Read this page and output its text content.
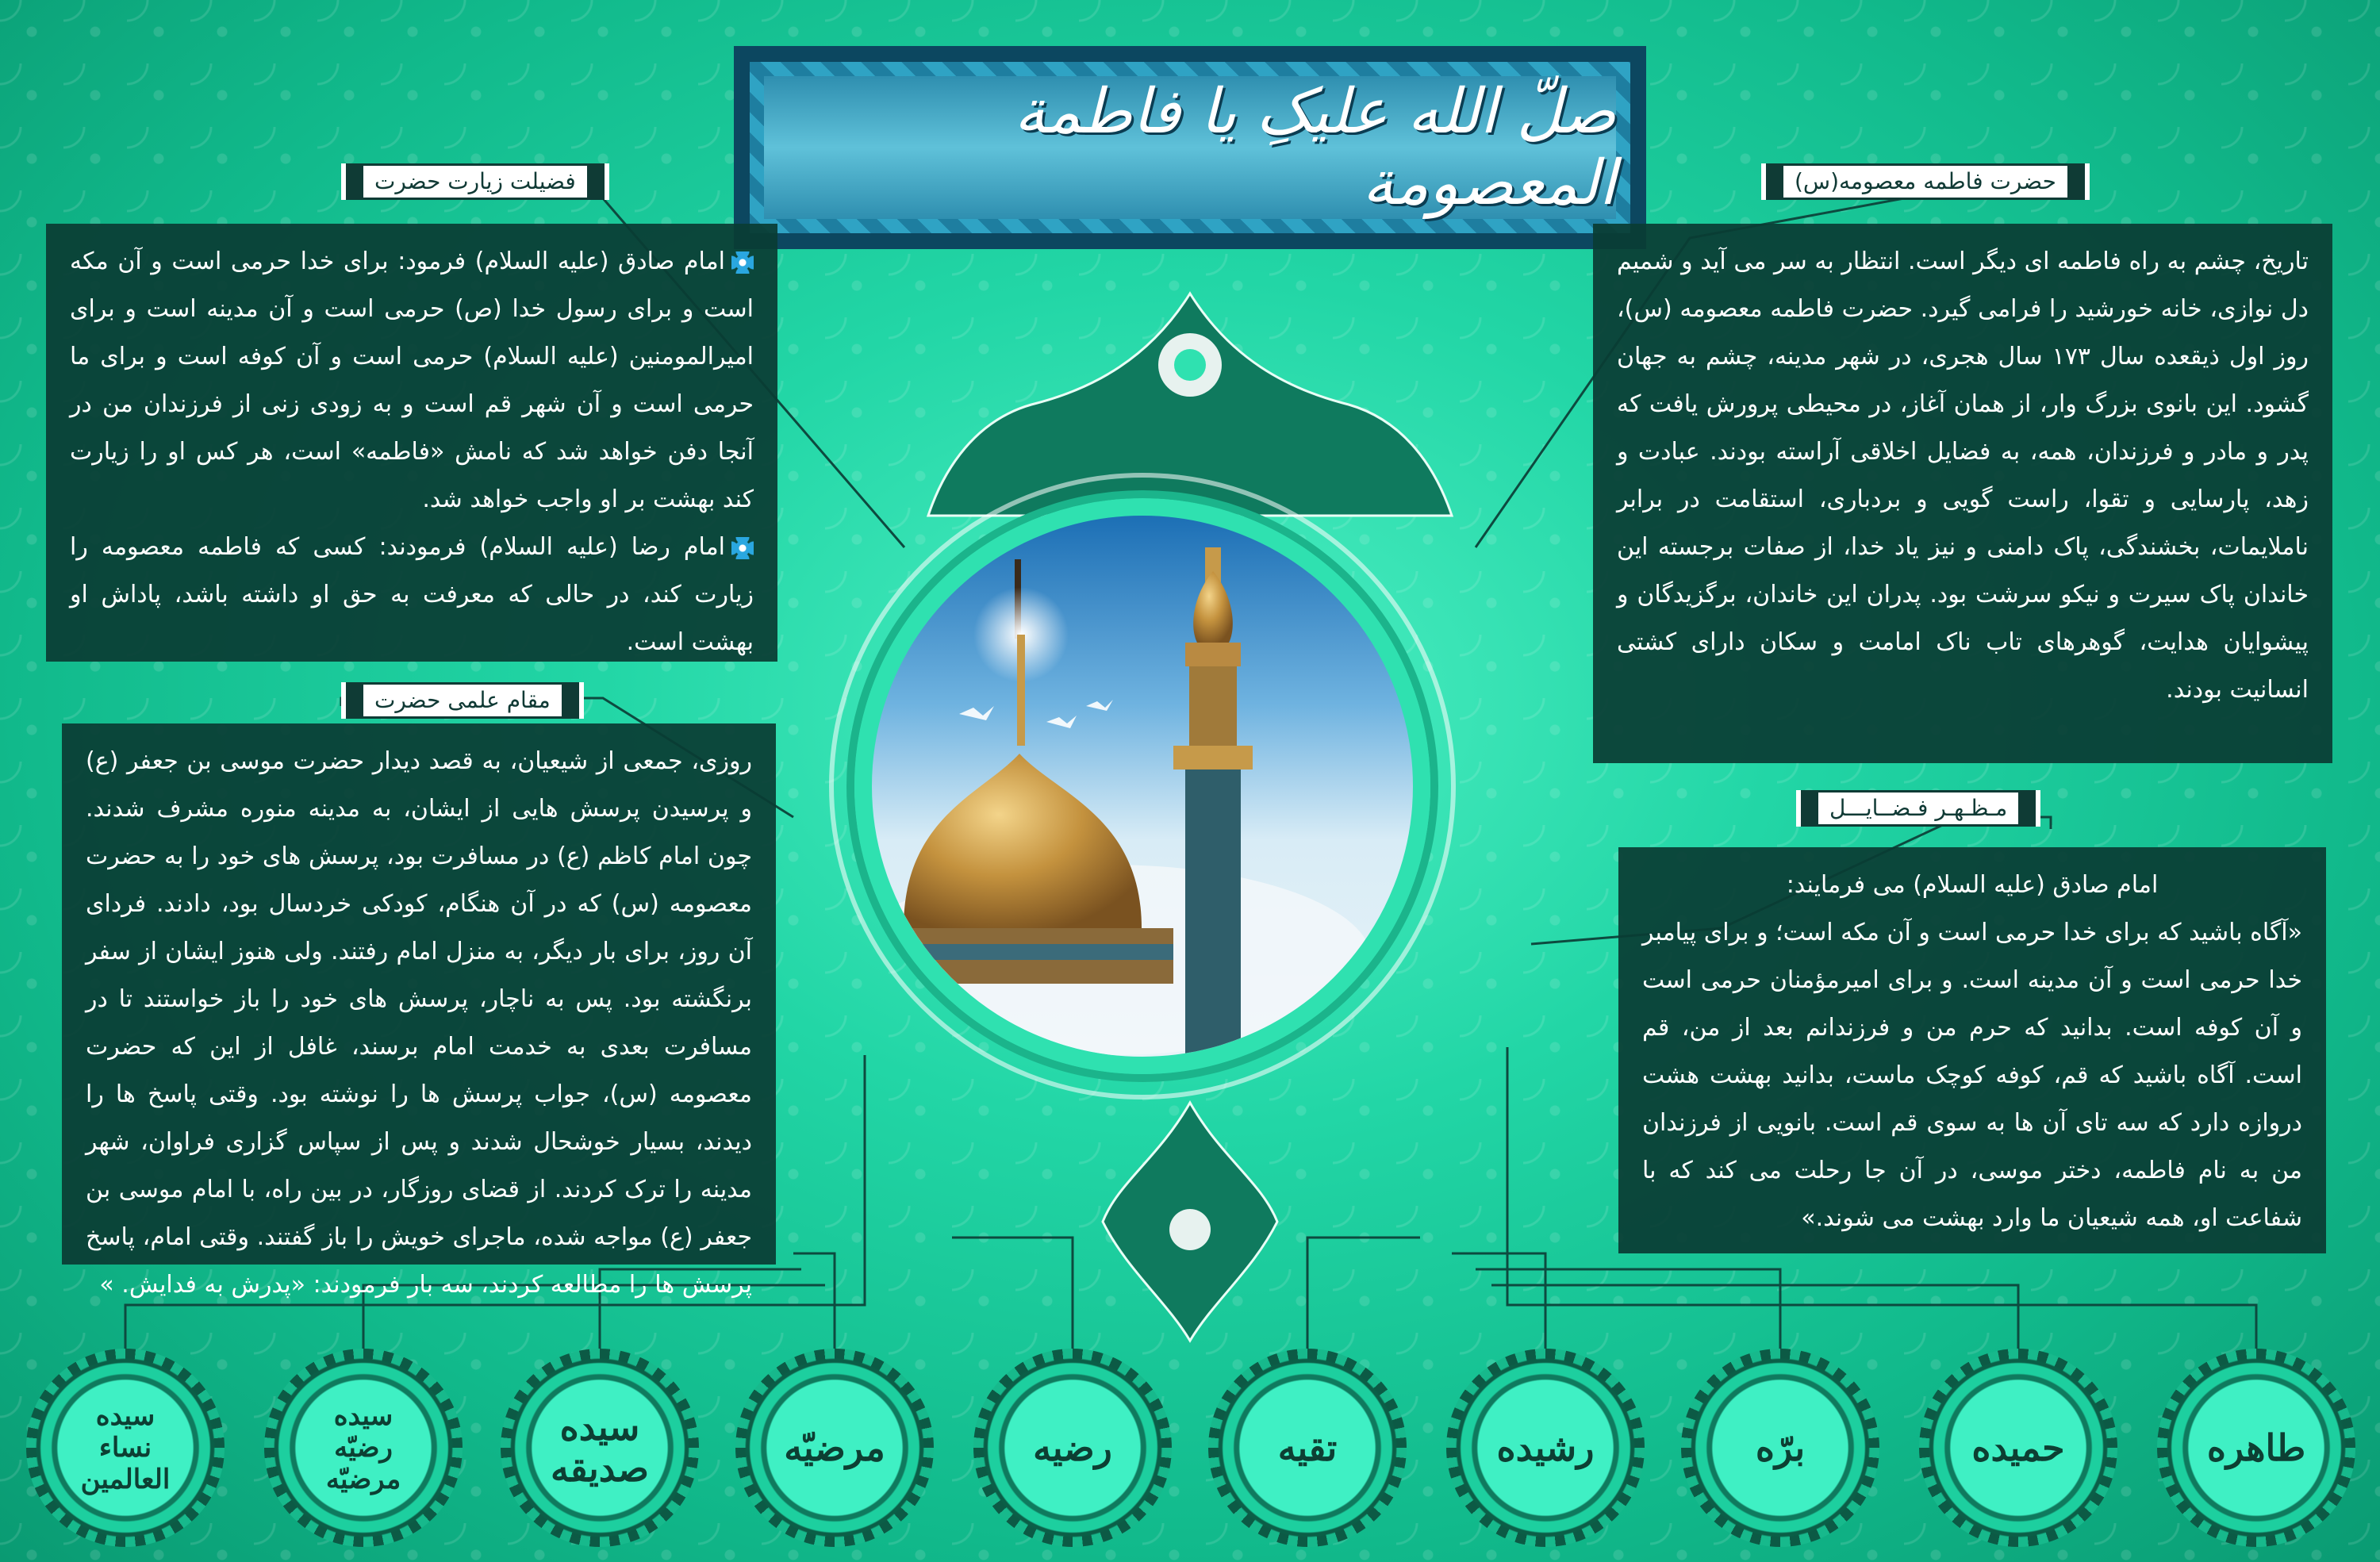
صلّ الله علیکِ یا فاطمة المعصومة
فضیلت زیارت حضرت	حضرت فاطمه معصومه(س)
مقام علمی حضرت
مـظـهـر فـضــایـــل

امام صادق (علیه السلام) فرمود: برای خدا حرمی است و آن مکه است و برای رسول خدا (ص) حرمی است و آن مدینه است و برای امیرالمومنین (علیه السلام) حرمی است و آن کوفه است و برای ما حرمی است و آن شهر قم است و به زودی زنی از فرزندان من در آنجا دفن خواهد شد که نامش «فاطمه» است، هر کس او را زیارت کند بهشت بر او واجب خواهد شد.

امام رضا (علیه السلام) فرمودند: کسی که فاطمه معصومه را زیارت کند، در حالی که معرفت به حق او داشته باشد، پاداش او بهشت است.

تاریخ، چشم به راه فاطمه ای دیگر است. انتظار به سر می آید و شمیم دل نوازی، خانه خورشید را فرامی گیرد. حضرت فاطمه معصومه (س)، روز اول ذیقعده سال ۱۷۳ سال هجری، در شهر مدینه، چشم به جهان گشود. این بانوی بزرگ وار، از همان آغاز، در محیطی پرورش یافت که پدر و مادر و فرزندان، همه، به فضایل اخلاقی آراسته بودند. عبادت و زهد، پارسایی و تقوا، راست گویی و بردباری، استقامت در برابر ناملایمات، بخشندگی، پاک دامنی و نیز یاد خدا، از صفات برجسته این خاندان پاک سیرت و نیکو سرشت بود. پدران این خاندان، برگزیدگان و پیشوایان هدایت، گوهرهای تاب ناک امامت و سکان دارای کشتی انسانیت بودند.

روزی، جمعی از شیعیان، به قصد دیدار حضرت موسی بن جعفر (ع) و پرسیدن پرسش هایی از ایشان، به مدینه منوره مشرف شدند. چون امام کاظم (ع) در مسافرت بود، پرسش های خود را به حضرت معصومه (س) که در آن هنگام، کودکی خردسال بود، دادند. فردای آن روز، برای بار دیگر، به منزل امام رفتند. ولی هنوز ایشان از سفر برنگشته بود. پس به ناچار، پرسش های خود را باز خواستند تا در مسافرت بعدی به خدمت امام برسند، غافل از این که حضرت معصومه (س)، جواب پرسش ها را نوشته بود. وقتی پاسخ ها را دیدند، بسیار خوشحال شدند و پس از سپاس گزاری فراوان، شهر مدینه را ترک کردند. از قضای روزگار، در بین راه، با امام موسی بن جعفر (ع) مواجه شده، ماجرای خویش را باز گفتند. وقتی امام، پاسخ پرسش ها را مطالعه کردند، سه بار فرمودند: «پدرش به فدایش. »

امام صادق (علیه السلام) می فرمایند:

«آگاه باشید که برای خدا حرمی است و آن مکه است؛ و برای پیامبر خدا حرمی است و آن مدینه است. و برای امیرمؤمنان حرمی است و آن کوفه است. بدانید که حرم من و فرزندانم بعد از من، قم است. آگاه باشید که قم، کوفه کوچک ماست، بدانید بهشت هشت دروازه دارد که سه تای آن ها به سوی قم است. بانویی از فرزندان من به نام فاطمه، دختر موسی، در آن جا رحلت می کند که با شفاعت او، همه شیعیان ما وارد بهشت می شوند.»

سیده نساء العالمین
سیده رضیّه مرضیّه
سیده صدیقه	مرضیّه	رضیه	تقیه	رشیده	برّه	حمیده	طاهره
